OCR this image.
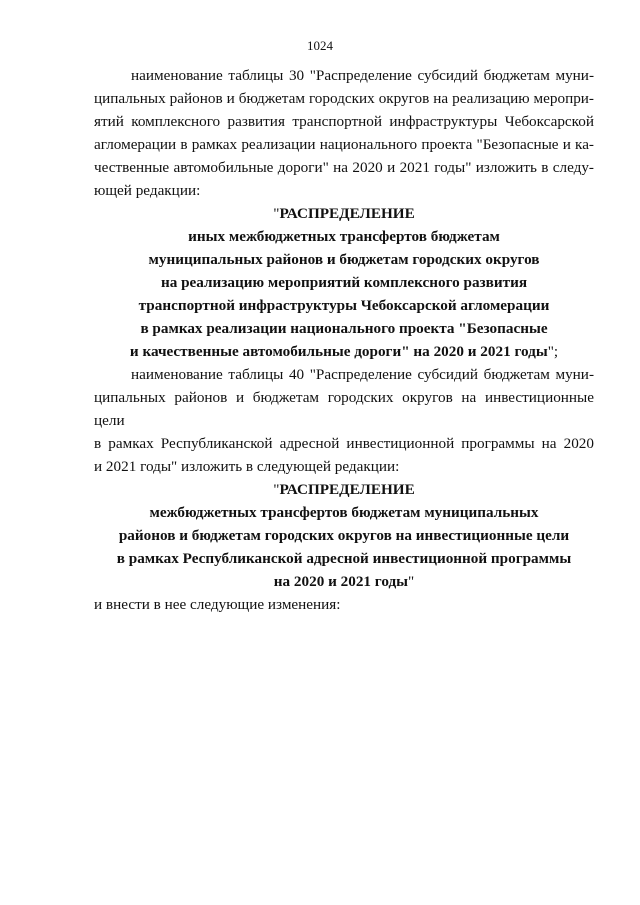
1024

наименование таблицы 30 "Распределение субсидий бюджетам муни-
ципальных районов и бюджетам городских округов на реализацию меропри-
ятий комплексного развития транспортной инфраструктуры Чебоксарской
агломерации в рамках реализации национального проекта "Безопасные и ка-
чественные автомобильные дороги" на 2020 и 2021 годы" изложить в следу-
ющей редакции:

"РАСПРЕДЕЛЕНИЕ
иных межбюджетных трансфертов бюджетам
муниципальных районов и бюджетам городских округов
на реализацию мероприятий комплексного развития
транспортной инфраструктуры Чебоксарской агломерации
в рамках реализации национального проекта "Безопасные
и качественные автомобильные дороги" на 2020 и 2021 годы";

наименование таблицы 40 "Распределение субсидий бюджетам муни-
ципальных районов и бюджетам городских округов на инвестиционные цели
в рамках Республиканской адресной инвестиционной программы на 2020
и 2021 годы" изложить в следующей редакции:

"РАСПРЕДЕЛЕНИЕ
межбюджетных трансфертов бюджетам муниципальных
районов и бюджетам городских округов на инвестиционные цели
в рамках Республиканской адресной инвестиционной программы
на 2020 и 2021 годы"

и внести в нее следующие изменения:
